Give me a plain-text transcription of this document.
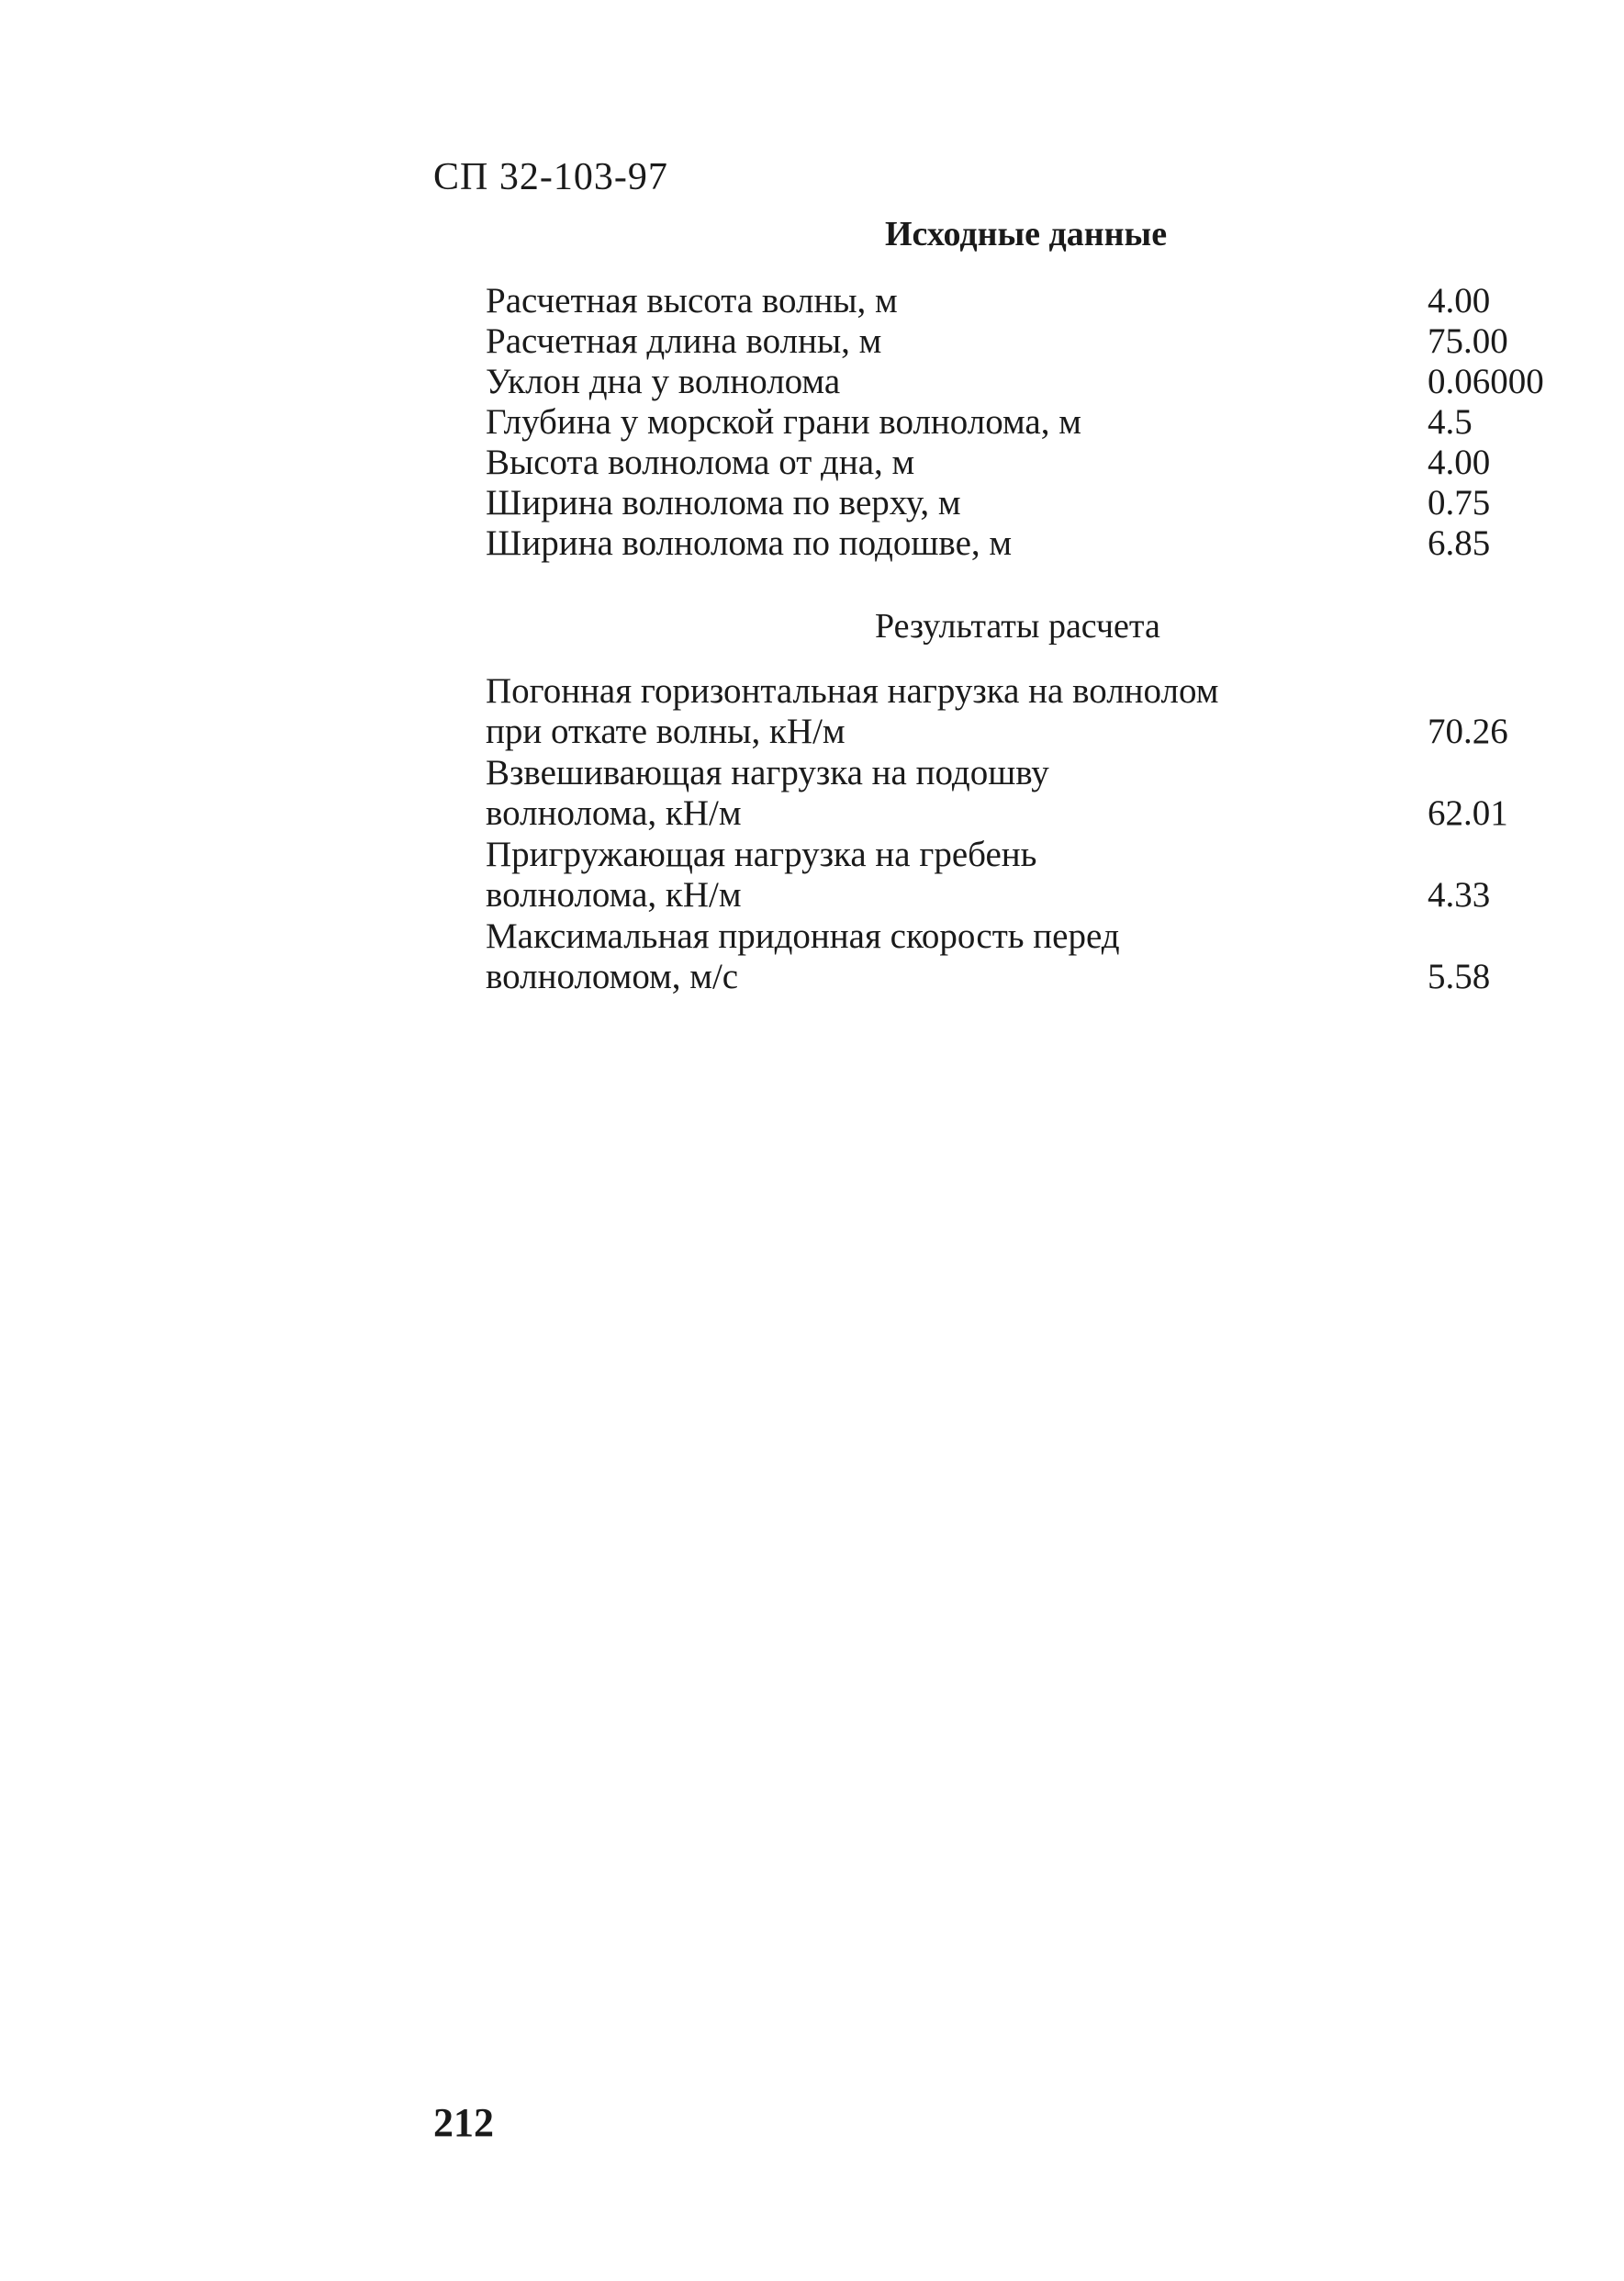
СП 32-103-97
Исходные данные
Расчетная высота волны, м	4.00
Расчетная длина волны, м	75.00
Уклон дна у волнолома	0.06000
Глубина у морской грани волнолома, м	4.5
Высота волнолома от дна, м	4.00
Ширина волнолома по верху, м	0.75
Ширина волнолома по подошве, м	6.85
Результаты расчета
Погонная горизонтальная нагрузка на волнолом
при откате волны, кН/м	70.26
Взвешивающая нагрузка на подошву
волнолома, кН/м	62.01
Пригружающая нагрузка на гребень
волнолома, кН/м	4.33
Максимальная придонная скорость перед
волноломом, м/с	5.58
212
